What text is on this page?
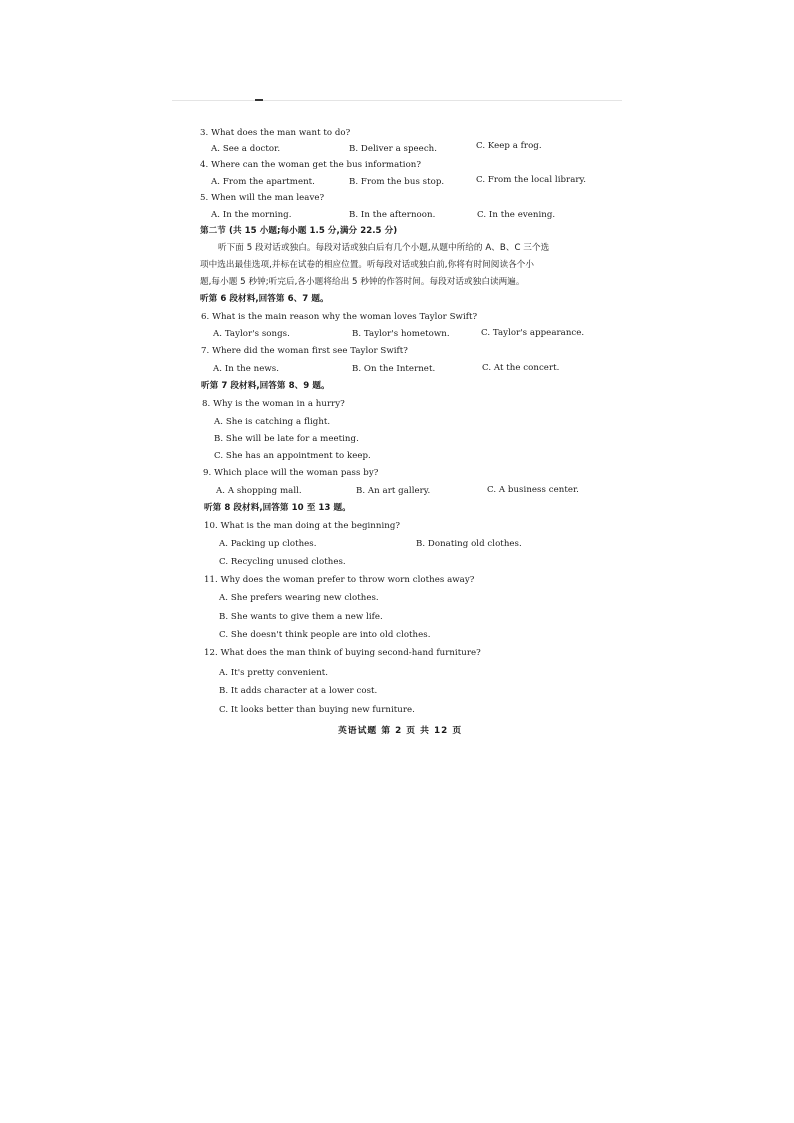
3. What does the man want to do?
A. See a doctor.	B. Deliver a speech.	C. Keep a frog.
4. Where can the woman get the bus information?
A. From the apartment.	B. From the bus stop.	C. From the local library.
5. When will the man leave?
A. In the morning.	B. In the afternoon.	C. In the evening.
第二节 (共 15 小题;每小题 1.5 分,满分 22.5 分)
听下面 5 段对话或独白。每段对话或独白后有几个小题,从题中所给的 A、B、C 三个选
项中选出最佳选项,并标在试卷的相应位置。听每段对话或独白前,你将有时间阅读各个小
题,每小题 5 秒钟;听完后,各小题将给出 5 秒钟的作答时间。每段对话或独白读两遍。
听第 6 段材料,回答第 6、7 题。
6. What is the main reason why the woman loves Taylor Swift?
A. Taylor's songs.	B. Taylor's hometown.	C. Taylor's appearance.
7. Where did the woman first see Taylor Swift?
A. In the news.	B. On the Internet.	C. At the concert.
听第 7 段材料,回答第 8、9 题。
8. Why is the woman in a hurry?
A. She is catching a flight.
B. She will be late for a meeting.
C. She has an appointment to keep.
9. Which place will the woman pass by?
A. A shopping mall.	B. An art gallery.	C. A business center.
听第 8 段材料,回答第 10 至 13 题。
10. What is the man doing at the beginning?
A. Packing up clothes.	B. Donating old clothes.
C. Recycling unused clothes.
11. Why does the woman prefer to throw worn clothes away?
A. She prefers wearing new clothes.
B. She wants to give them a new life.
C. She doesn't think people are into old clothes.
12. What does the man think of buying second-hand furniture?
A. It's pretty convenient.
B. It adds character at a lower cost.
C. It looks better than buying new furniture.
英语试题 第 2 页 共 12 页
